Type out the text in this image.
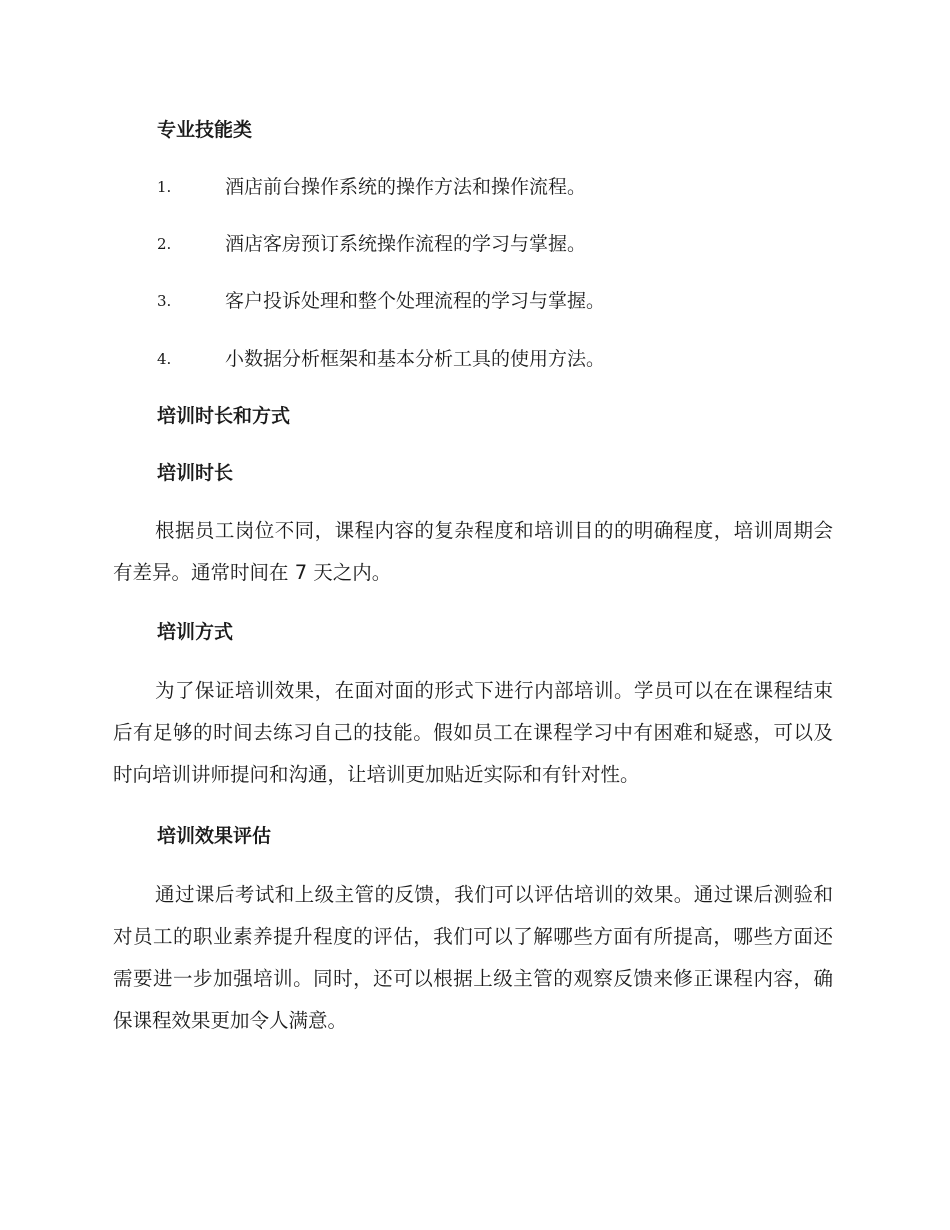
专业技能类
1.	酒店前台操作系统的操作方法和操作流程。
2.	酒店客房预订系统操作流程的学习与掌握。
3.	客户投诉处理和整个处理流程的学习与掌握。
4.	小数据分析框架和基本分析工具的使用方法。
培训时长和方式
培训时长

根据员工岗位不同，课程内容的复杂程度和培训目的的明确程度，培训周期会有差异。通常时间在 7 天之内。

培训方式

为了保证培训效果，在面对面的形式下进行内部培训。学员可以在在课程结束后有足够的时间去练习自己的技能。假如员工在课程学习中有困难和疑惑，可以及时向培训讲师提问和沟通，让培训更加贴近实际和有针对性。

培训效果评估

通过课后考试和上级主管的反馈，我们可以评估培训的效果。通过课后测验和对员工的职业素养提升程度的评估，我们可以了解哪些方面有所提高，哪些方面还需要进一步加强培训。同时，还可以根据上级主管的观察反馈来修正课程内容，确保课程效果更加令人满意。
